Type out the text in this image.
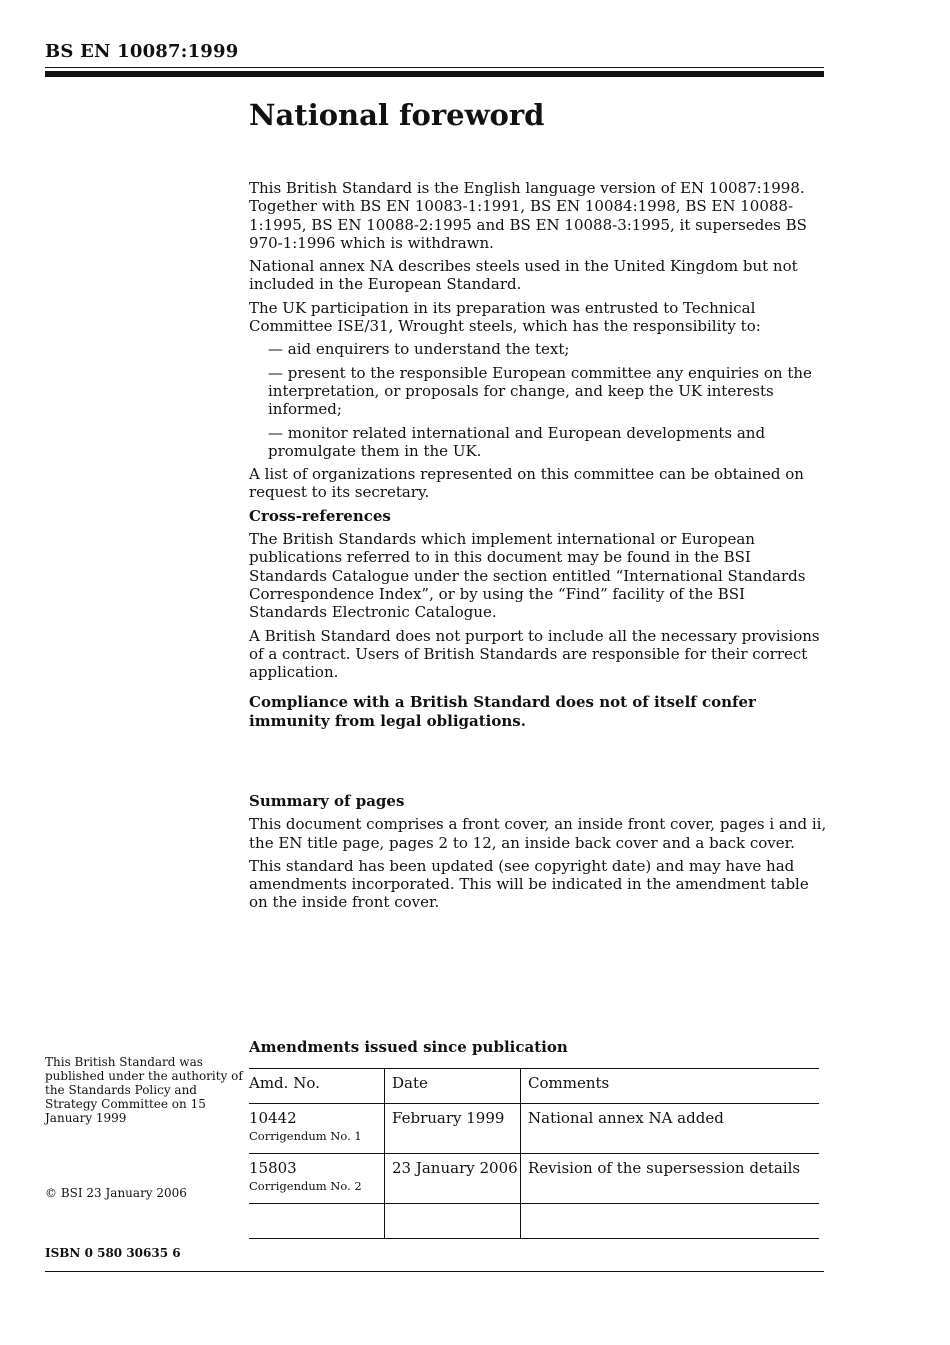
BS EN 10087:1999
National foreword

This British Standard is the English language version of EN 10087:1998. Together with BS EN 10083-1:1991, BS EN 10084:1998, BS EN 10088-1:1995, BS EN 10088-2:1995 and BS EN 10088-3:1995, it supersedes BS 970-1:1996 which is withdrawn.

National annex NA describes steels used in the United Kingdom but not included in the European Standard.

The UK participation in its preparation was entrusted to Technical Committee ISE/31, Wrought steels, which has the responsibility to:

— aid enquirers to understand the text;

— present to the responsible European committee any enquiries on the interpretation, or proposals for change, and keep the UK interests informed;

— monitor related international and European developments and promulgate them in the UK.

A list of organizations represented on this committee can be obtained on request to its secretary.

Cross-references

The British Standards which implement international or European publications referred to in this document may be found in the BSI Standards Catalogue under the section entitled “International Standards Correspondence Index”, or by using the “Find” facility of the BSI Standards Electronic Catalogue.

A British Standard does not purport to include all the necessary provisions of a contract. Users of British Standards are responsible for their correct application.

Compliance with a British Standard does not of itself confer immunity from legal obligations.

Summary of pages

This document comprises a front cover, an inside front cover, pages i and ii, the EN title page, pages 2 to 12, an inside back cover and a back cover.

This standard has been updated (see copyright date) and may have had amendments incorporated. This will be indicated in the amendment table on the inside front cover.

This British Standard was published under the authority of the Standards Policy and Strategy Committee on 15 January 1999
© BSI 23 January 2006
Amendments issued since publication
Amd. No.	Date	Comments
10442
Corrigendum No. 1	February 1999	National annex NA added
15803
Corrigendum No. 2	23 January 2006	Revision of the supersession details

ISBN 0 580 30635 6
